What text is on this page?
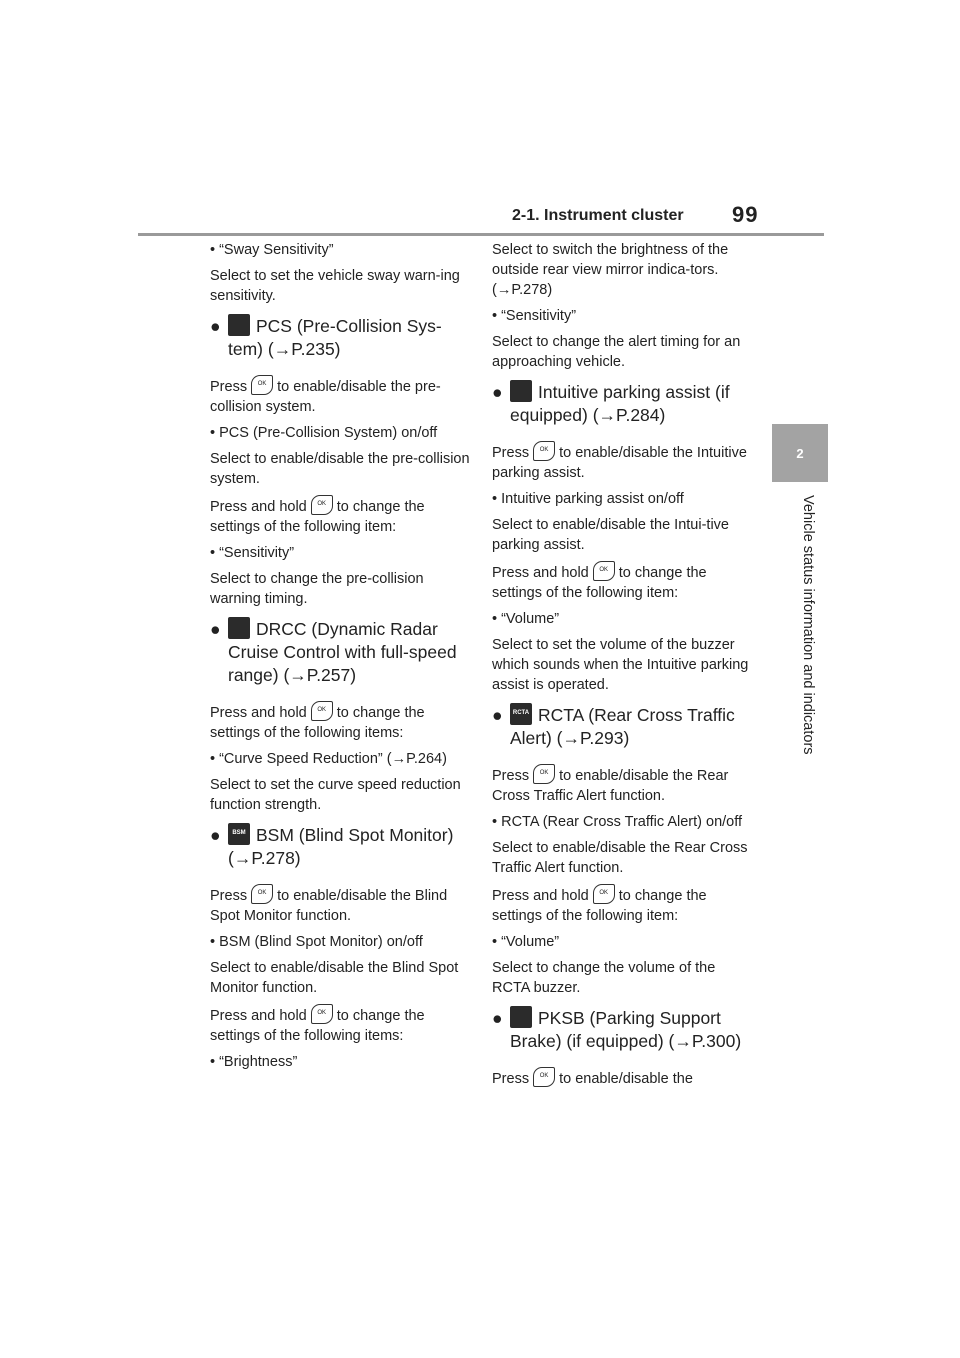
2-1. Instrument cluster 99
2
Vehicle status information and indicators

• “Sway Sensitivity”

Select to set the vehicle sway warn-ing sensitivity.

● PCS (Pre-Collision Sys-tem) (→P.235)

Press	OK to enable/disable the pre-collision system.

• PCS (Pre-Collision System) on/off

Select to enable/disable the pre-collision system.

Press and hold	OK to change the settings of the following item:

• “Sensitivity”

Select to change the pre-collision warning timing.

● DRCC (Dynamic Radar Cruise Control with full-speed range) (→P.257)

Press and hold	OK to change the settings of the following items:

• “Curve Speed Reduction” (→P.264)

Select to set the curve speed reduction function strength.

●	BSM BSM (Blind Spot Monitor) (→P.278)

Press	OK to enable/disable the Blind Spot Monitor function.

• BSM (Blind Spot Monitor) on/off

Select to enable/disable the Blind Spot Monitor function.

Press and hold	OK to change the settings of the following items:

• “Brightness”

Select to switch the brightness of the outside rear view mirror indica-tors. (→P.278)

• “Sensitivity”

Select to change the alert timing for an approaching vehicle.

● Intuitive parking assist (if equipped) (→P.284)

Press	OK to enable/disable the Intuitive parking assist.

• Intuitive parking assist on/off

Select to enable/disable the Intui-tive parking assist.

Press and hold	OK to change the settings of the following item:

• “Volume”

Select to set the volume of the buzzer which sounds when the Intuitive parking assist is operated.

●	RCTA RCTA (Rear Cross Traffic Alert) (→P.293)

Press	OK to enable/disable the Rear Cross Traffic Alert function.

• RCTA (Rear Cross Traffic Alert) on/off

Select to enable/disable the Rear Cross Traffic Alert function.

Press and hold	OK to change the settings of the following item:

• “Volume”

Select to change the volume of the RCTA buzzer.

● PKSB (Parking Support Brake) (if equipped) (→P.300)

Press	OK to enable/disable the
